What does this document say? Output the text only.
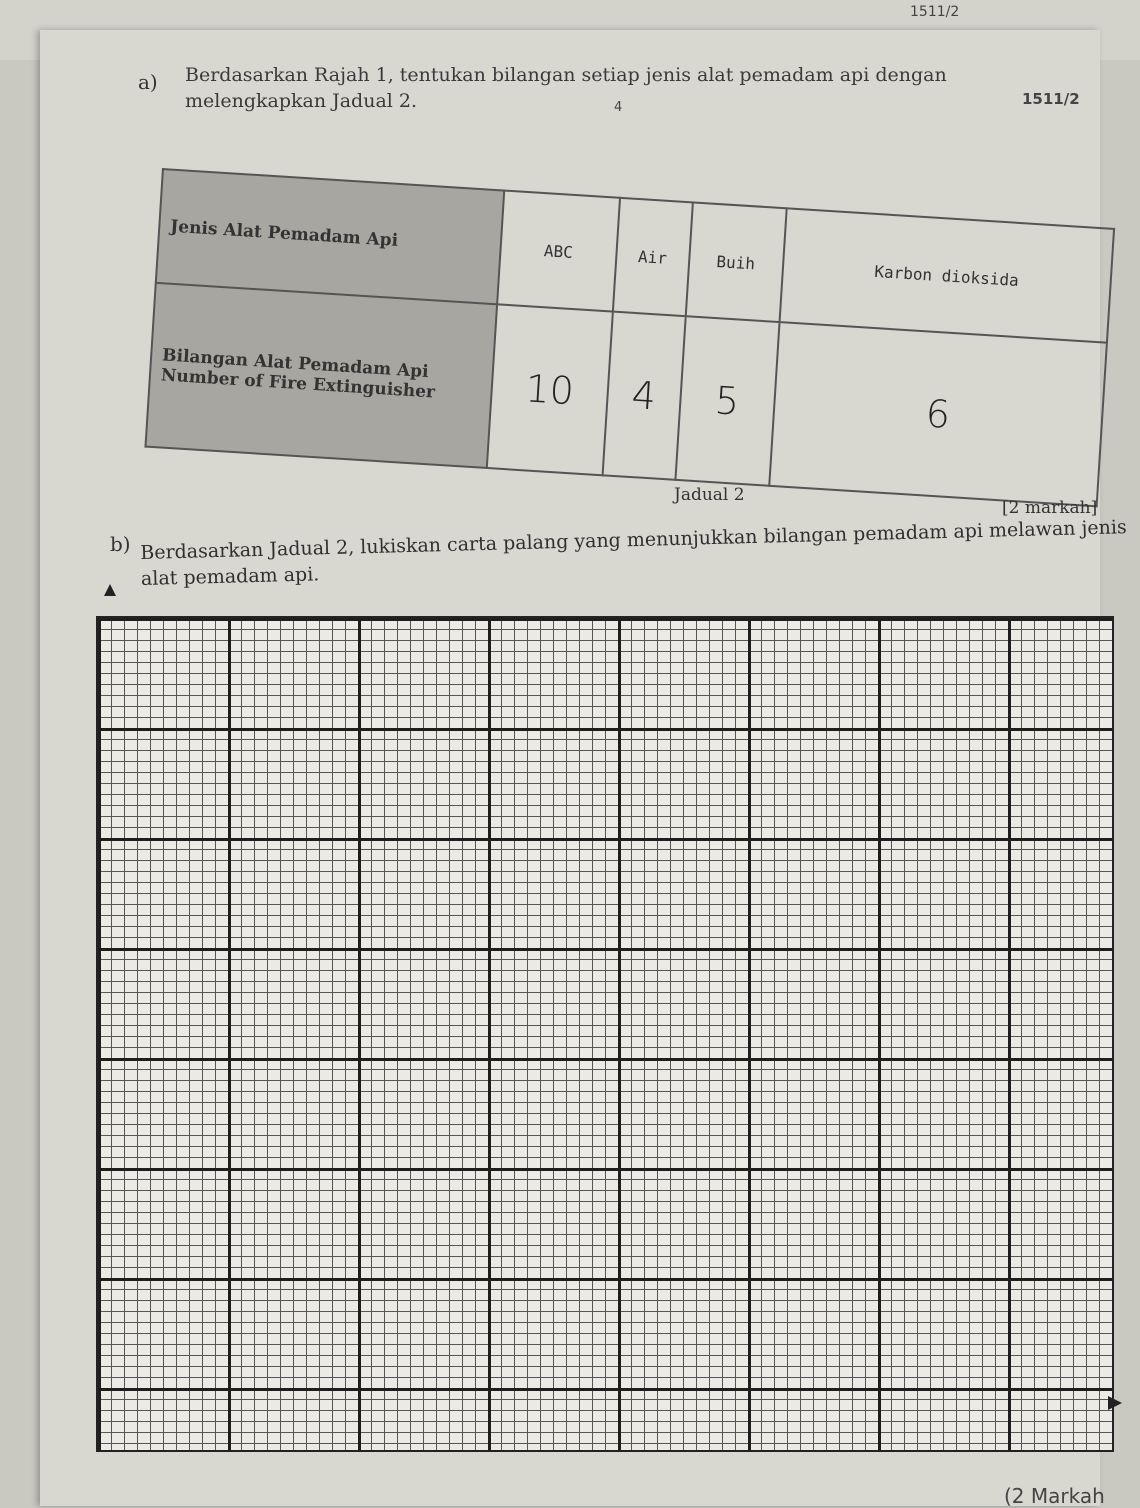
1511/2
4	1511/2
a) Berdasarkan Rajah 1, tentukan bilangan setiap jenis alat pemadam api dengan melengkapkan Jadual 2.
Jenis Alat Pemadam Api	ABC	Air	Buih	Karbon dioksida
Bilangan Alat Pemadam Api Number of Fire Extinguisher	10	4	5	6
Jadual 2
[2 markah]
b) Berdasarkan Jadual 2, lukiskan carta palang yang menunjukkan bilangan pemadam api melawan jenis alat pemadam api.
(2 Markah
